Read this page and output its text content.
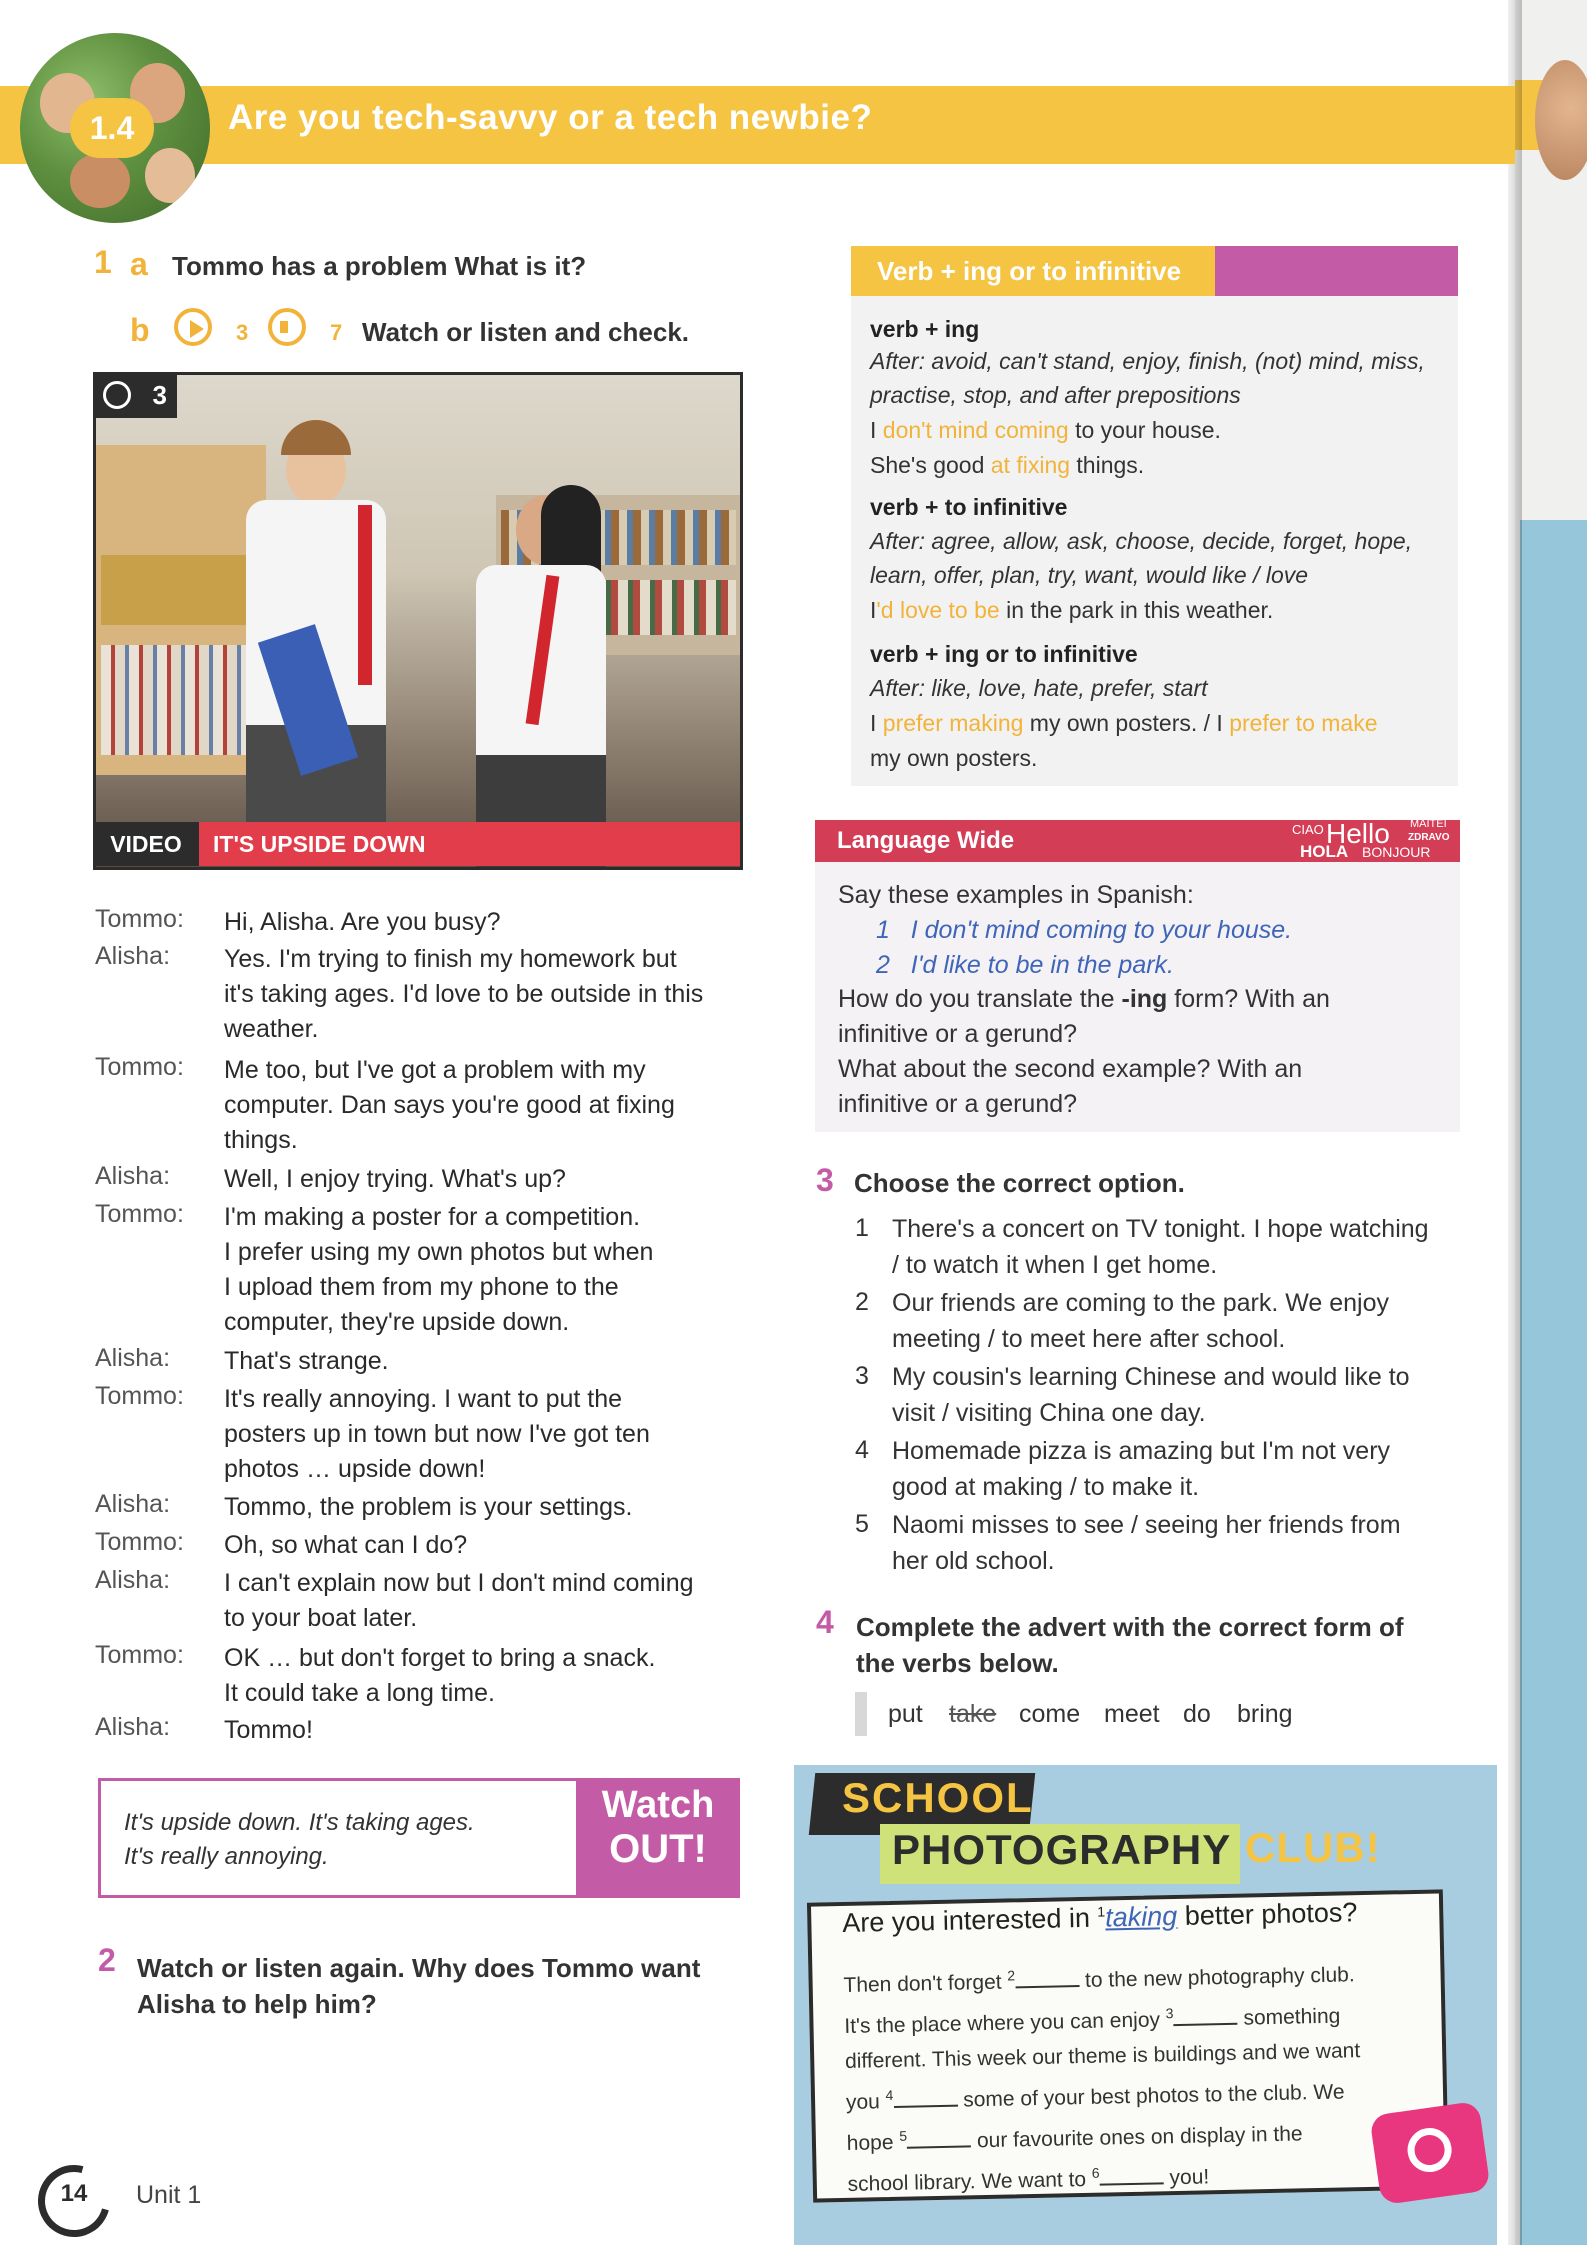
1.4	Are you tech-savvy or a tech newbie?
1 a Tommo has a problem What is it?
b	3	7 Watch or listen and check.
3
VIDEO	IT'S UPSIDE DOWN
Tommo:	Hi, Alisha. Are you busy?
Alisha:	Yes. I'm trying to finish my homework but
it's taking ages. I'd love to be outside in this
weather.
Tommo:	Me too, but I've got a problem with my
computer. Dan says you're good at fixing
things.
Alisha:	Well, I enjoy trying. What's up?
Tommo:	I'm making a poster for a competition.
I prefer using my own photos but when
I upload them from my phone to the
computer, they're upside down.
Alisha:	That's strange.
Tommo:	It's really annoying. I want to put the
posters up in town but now I've got ten
photos … upside down!
Alisha:	Tommo, the problem is your settings.
Tommo:	Oh, so what can I do?
Alisha:	I can't explain now but I don't mind coming
to your boat later.
Tommo:	OK … but don't forget to bring a snack.
It could take a long time.
Alisha:	Tommo!
It's upside down. It's taking ages.
It's really annoying.
Watch
OUT!
2 Watch or listen again. Why does Tommo want
Alisha to help him?
Verb + ing or to infinitive
verb + ing
After: avoid, can't stand, enjoy, finish, (not) mind, miss,
practise, stop, and after prepositions
I don't mind coming to your house.
She's good at fixing things.
verb + to infinitive
After: agree, allow, ask, choose, decide, forget, hope,
learn, offer, plan, try, want, would like / love
I'd love to be in the park in this weather.
verb + ing or to infinitive
After: like, love, hate, prefer, start
I prefer making my own posters. / I prefer to make
my own posters.
Language Wide	CIAO Hello MAITEI
ZDRAVO
HOLA BONJOUR
Say these examples in Spanish:
1 I don't mind coming to your house.
2 I'd like to be in the park.
How do you translate the -ing form? With an
infinitive or a gerund?
What about the second example? With an
infinitive or a gerund?
3 Choose the correct option.
1 There's a concert on TV tonight. I hope watching
/ to watch it when I get home.
2 Our friends are coming to the park. We enjoy
meeting / to meet here after school.
3 My cousin's learning Chinese and would like to
visit / visiting China one day.
4 Homemade pizza is amazing but I'm not very
good at making / to make it.
5 Naomi misses to see / seeing her friends from
her old school.
4 Complete the advert with the correct form of
the verbs below.
put take come meet do bring
SCHOOL
PHOTOGRAPHY CLUB!
Are you interested in $^1$taking better photos?
Then don't forget $^2$	to the new photography club.
It's the place where you can enjoy $^3$	something
different. This week our theme is buildings and we want
you $^4$	some of your best photos to the club. We
hope $^5$	our favourite ones on display in the
school library. We want to $^6$	you!
14	Unit 1
